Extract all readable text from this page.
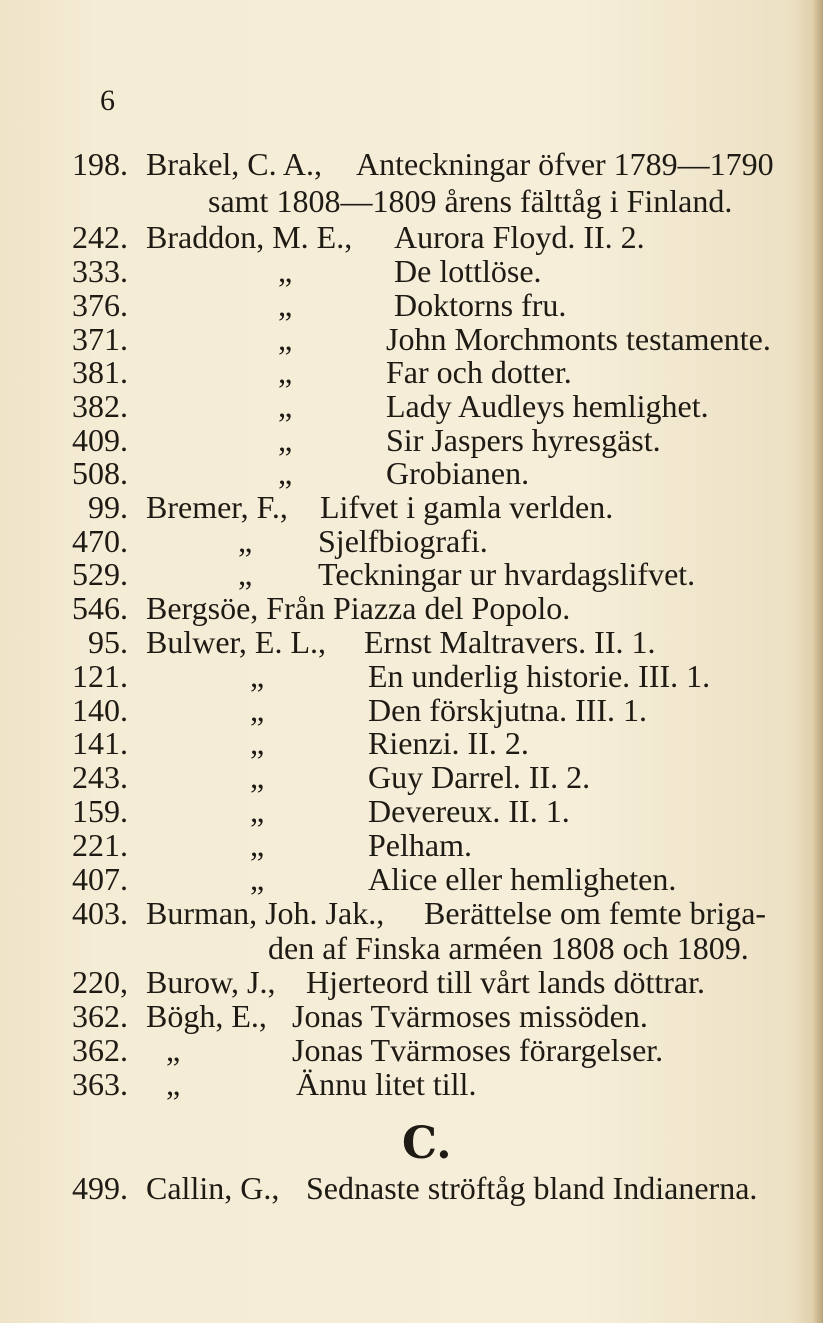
6
198. Brakel, C. A., Anteckningar öfver 1789—1790
samt 1808—1809 årens fälttåg i Finland.
242. Braddon, M. E., Aurora Floyd. II. 2.
333.	„	De lottlöse.
376.	„	Doktorns fru.
371.	„	John Morchmonts testamente.
381.	„	Far och dotter.
382.	„	Lady Audleys hemlighet.
409.	„	Sir Jaspers hyresgäst.
508.	„	Grobianen.
99. Bremer, F., Lifvet i gamla verlden.
470.	„ Sjelfbiografi.
529.	„ Teckningar ur hvardagslifvet.
546. Bergsöe, Från Piazza del Popolo.
95. Bulwer, E. L., Ernst Maltravers. II. 1.
121.	„	En underlig historie. III. 1.
140.	„	Den förskjutna. III. 1.
141.	„	Rienzi. II. 2.
243.	„	Guy Darrel. II. 2.
159.	„	Devereux. II. 1.
221.	„	Pelham.
407.	„	Alice eller hemligheten.
403. Burman, Joh. Jak., Berättelse om femte briga-
den af Finska arméen 1808 och 1809.
220, Burow, J., Hjerteord till vårt lands döttrar.
362. Bögh, E., Jonas Tvärmoses missöden.
362. „	Jonas Tvärmoses förargelser.
363. „	Ännu litet till.
C.
499. Callin, G., Sednaste ströftåg bland Indianerna.
